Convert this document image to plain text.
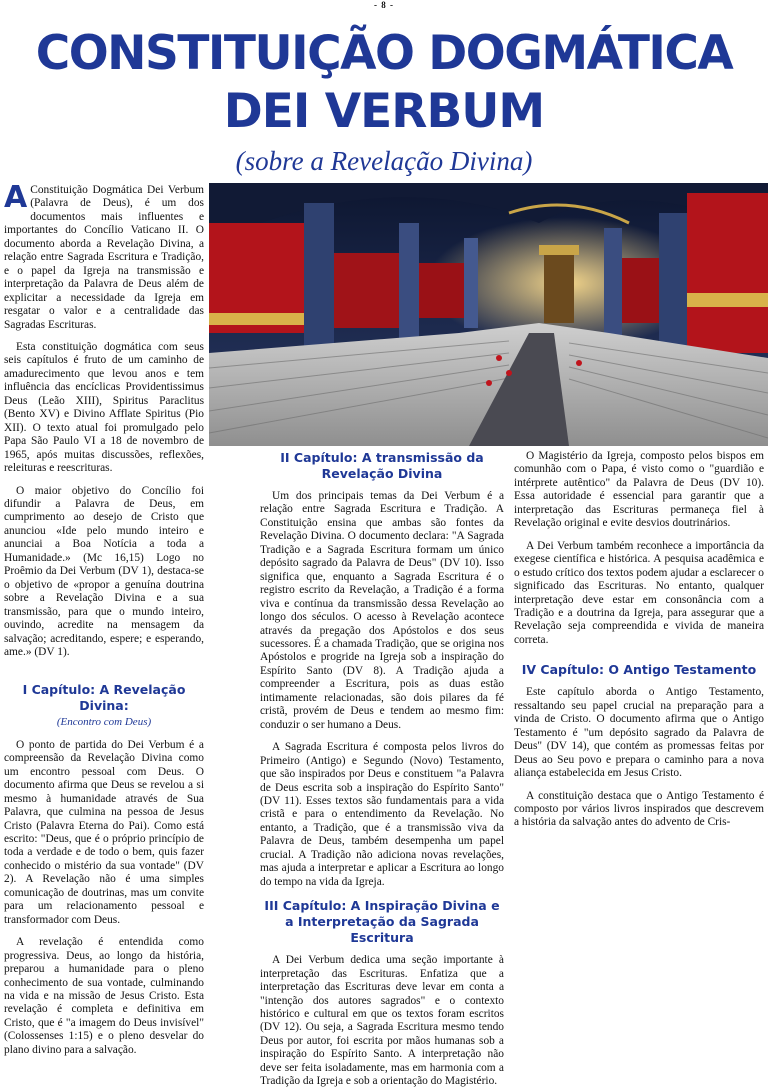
- 8 -
CONSTITUIÇÃO DOGMÁTICA
DEI VERBUM
(sobre a Revelação Divina)

A Constituição Dogmática Dei Verbum (Palavra de Deus), é um dos documentos mais influentes e importantes do Concílio Vaticano II. O documento aborda a Revelação Divina, a relação entre Sagrada Escritura e Tradição, e o papel da Igreja na transmissão e interpretação da Palavra de Deus além de explicitar a necessidade da Igreja em resgatar o valor e a centralidade das Sagradas Escrituras.

Esta constituição dogmática com seus seis capítulos é fruto de um caminho de amadurecimento que levou anos e tem influência das encíclicas Providentissimus Deus (Leão XIII), Spiritus Paraclitus (Bento XV) e Divino Afflate Spiritus (Pio XII). O texto atual foi promulgado pelo Papa São Paulo VI a 18 de novembro de 1965, após muitas discussões, reflexões, releituras e reescrituras.

O maior objetivo do Concílio foi difundir a Palavra de Deus, em cumprimento ao desejo de Cristo que anunciou «Ide pelo mundo inteiro e anunciai a Boa Notícia a toda a Humanidade.» (Mc 16,15) Logo no Proêmio da Dei Verbum (DV 1), destaca-se o objetivo de «propor a genuína doutrina sobre a Revelação Divina e a sua transmissão, para que o mundo inteiro, ouvindo, acredite na mensagem da salvação; acreditando, espere; e esperando, ame.» (DV 1).

I Capítulo: A Revelação Divina:
(Encontro com Deus)

O ponto de partida do Dei Verbum é a compreensão da Revelação Divina como um encontro pessoal com Deus. O documento afirma que Deus se revelou a si mesmo à humanidade através de Sua Palavra, que culmina na pessoa de Jesus Cristo (Palavra Eterna do Pai). Como está escrito: "Deus, que é o próprio princípio de toda a verdade e de todo o bem, quis fazer conhecido o mistério da sua vontade" (DV 2). A Revelação não é uma simples comunicação de doutrinas, mas um convite para um relacionamento pessoal e transformador com Deus.

A revelação é entendida como progressiva. Deus, ao longo da história, preparou a humanidade para o pleno conhecimento de sua vontade, culminando na vida e na missão de Jesus Cristo. Esta revelação é completa e definitiva em Cristo, que é "a imagem do Deus invisível" (Colossenses 1:15) e o pleno desvelar do plano divino para a salvação.

II Capítulo: A transmissão da Revelação Divina

Um dos principais temas da Dei Verbum é a relação entre Sagrada Escritura e Tradição. A Constituição ensina que ambas são fontes da Revelação Divina. O documento declara: "A Sagrada Tradição e a Sagrada Escritura formam um único depósito sagrado da Palavra de Deus" (DV 10). Isso significa que, enquanto a Sagrada Escritura é o registro escrito da Revelação, a Tradição é a forma viva e contínua da transmissão dessa Revelação ao longo dos séculos. O acesso à Revelação acontece através da pregação dos Apóstolos e dos seus sucessores. É a chamada Tradição, que se origina nos Apóstolos e progride na Igreja sob a inspiração do Espírito Santo (DV 8). A Tradição ajuda a compreender a Escritura, pois as duas estão intimamente relacionadas, são dois pilares da fé cristã, provém de Deus e tendem ao mesmo fim: conduzir o ser humano a Deus.

A Sagrada Escritura é composta pelos livros do Primeiro (Antigo) e Segundo (Novo) Testamento, que são inspirados por Deus e constituem "a Palavra de Deus escrita sob a inspiração do Espírito Santo" (DV 11). Esses textos são fundamentais para a vida cristã e para o entendimento da Revelação. No entanto, a Tradição, que é a transmissão viva da Palavra de Deus, também desempenha um papel crucial. A Tradição não adiciona novas revelações, mas ajuda a interpretar e aplicar a Escritura ao longo do tempo na vida da Igreja.

III Capítulo: A Inspiração Divina e a Interpretação da Sagrada Escritura

A Dei Verbum dedica uma seção importante à interpretação das Escrituras. Enfatiza que a interpretação das Escrituras deve levar em conta a "intenção dos autores sagrados" e o contexto histórico e cultural em que os textos foram escritos (DV 12). Ou seja, a Sagrada Escritura mesmo tendo Deus por autor, foi escrita por mãos humanas sob a inspiração do Espírito Santo. A interpretação não deve ser feita isoladamente, mas em harmonia com a Tradição da Igreja e sob a orientação do Magistério.

O Magistério da Igreja, composto pelos bispos em comunhão com o Papa, é visto como o "guardião e intérprete autêntico" da Palavra de Deus (DV 10). Essa autoridade é essencial para garantir que a interpretação das Escrituras permaneça fiel à Revelação original e evite desvios doutrinários.

A Dei Verbum também reconhece a importância da exegese científica e histórica. A pesquisa acadêmica e o estudo crítico dos textos podem ajudar a esclarecer o significado das Escrituras. No entanto, qualquer interpretação deve estar em consonância com a Tradição e a doutrina da Igreja, para assegurar que a Revelação seja compreendida e vivida de maneira correta.

IV Capítulo: O Antigo Testamento

Este capítulo aborda o Antigo Testamento, ressaltando seu papel crucial na preparação para a vinda de Cristo. O documento afirma que o Antigo Testamento é "um depósito sagrado da Palavra de Deus" (DV 14), que contém as promessas feitas por Deus ao Seu povo e prepara o caminho para a nova aliança estabelecida em Jesus Cristo.

A constituição destaca que o Antigo Testamento é composto por vários livros inspirados que descrevem a história da salvação antes do advento de Cris-
